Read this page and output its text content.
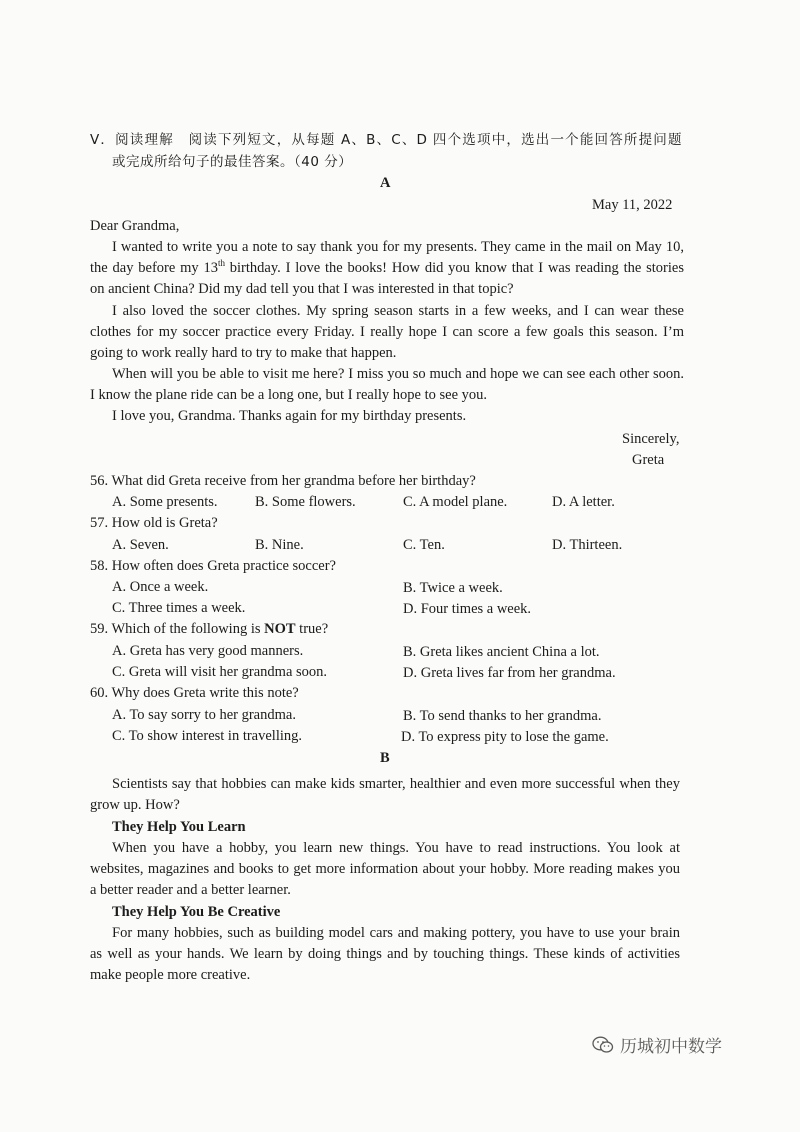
V．阅读理解　阅读下列短文，从每题 A、B、C、D 四个选项中，选出一个能回答所提问题
或完成所给句子的最佳答案。（40 分）
A
May 11, 2022
Dear Grandma,
I wanted to write you a note to say thank you for my presents. They came in the mail on May 10,
the day before my 13th birthday. I love the books! How did you know that I was reading the stories
on ancient China? Did my dad tell you that I was interested in that topic?
I also loved the soccer clothes. My spring season starts in a few weeks, and I can wear these
clothes for my soccer practice every Friday. I really hope I can score a few goals this season. I’m
going to work really hard to try to make that happen.
When will you be able to visit me here? I miss you so much and hope we can see each other soon.
I know the plane ride can be a long one, but I really hope to see you.
I love you, Grandma. Thanks again for my birthday presents.
Sincerely,
Greta
56. What did Greta receive from her grandma before her birthday?
A. Some presents.	B. Some flowers.	C. A model plane.	D. A letter.
57. How old is Greta?
A. Seven.	B. Nine.	C. Ten.	D. Thirteen.
58. How often does Greta practice soccer?
A. Once a week.	B. Twice a week.
C. Three times a week.	D. Four times a week.
59. Which of the following is NOT true?
A. Greta has very good manners.	B. Greta likes ancient China a lot.
C. Greta will visit her grandma soon.	D. Greta lives far from her grandma.
60. Why does Greta write this note?
A. To say sorry to her grandma.	B. To send thanks to her grandma.
C. To show interest in travelling.	D. To express pity to lose the game.
B
Scientists say that hobbies can make kids smarter, healthier and even more successful when they
grow up. How?
They Help You Learn
When you have a hobby, you learn new things. You have to read instructions. You look at
websites, magazines and books to get more information about your hobby. More reading makes you
a better reader and a better learner.
They Help You Be Creative
For many hobbies, such as building model cars and making pottery, you have to use your brain
as well as your hands. We learn by doing things and by touching things. These kinds of activities
make people more creative.
历城初中数学
